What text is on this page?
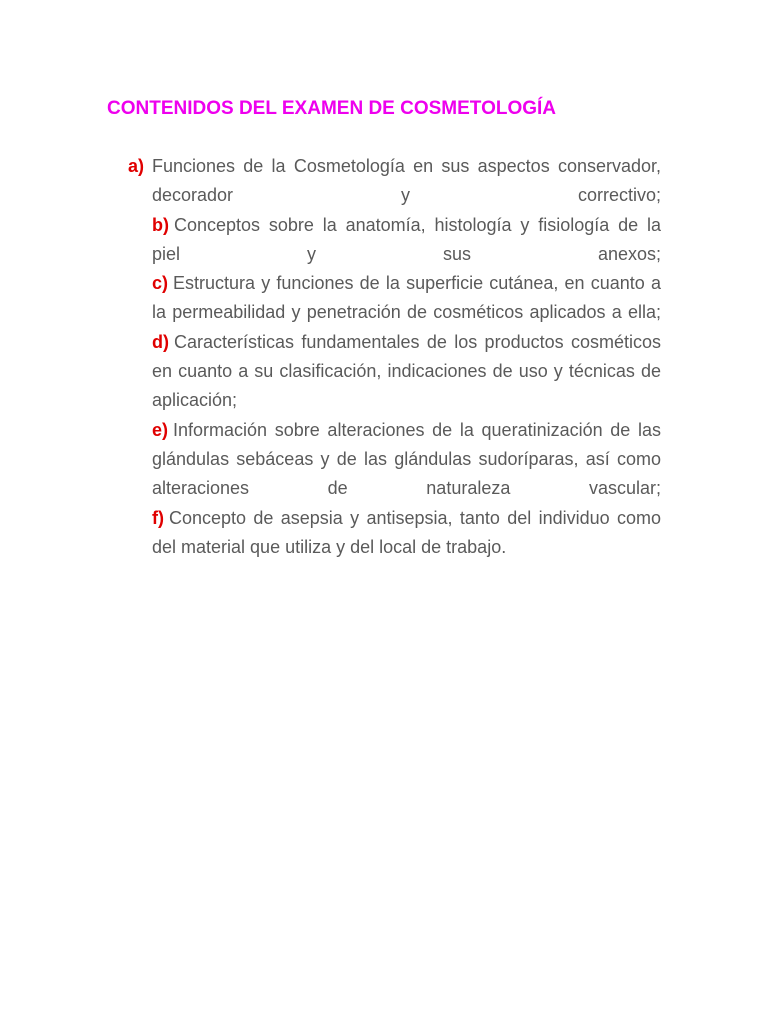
CONTENIDOS DEL EXAMEN DE COSMETOLOGÍA
a) Funciones de la Cosmetología en sus aspectos conservador, decorador y correctivo;
b) Conceptos sobre la anatomía, histología y fisiología de la piel y sus anexos;
c) Estructura y funciones de la superficie cutánea, en cuanto a la permeabilidad y penetración de cosméticos aplicados a ella;
d) Características fundamentales de los productos cosméticos en cuanto a su clasificación, indicaciones de uso y técnicas de aplicación;
e) Información sobre alteraciones de la queratinización de las glándulas sebáceas y de las glándulas sudoríparas, así como alteraciones de naturaleza vascular;
f) Concepto de asepsia y antisepsia, tanto del individuo como del material que utiliza y del local de trabajo.
